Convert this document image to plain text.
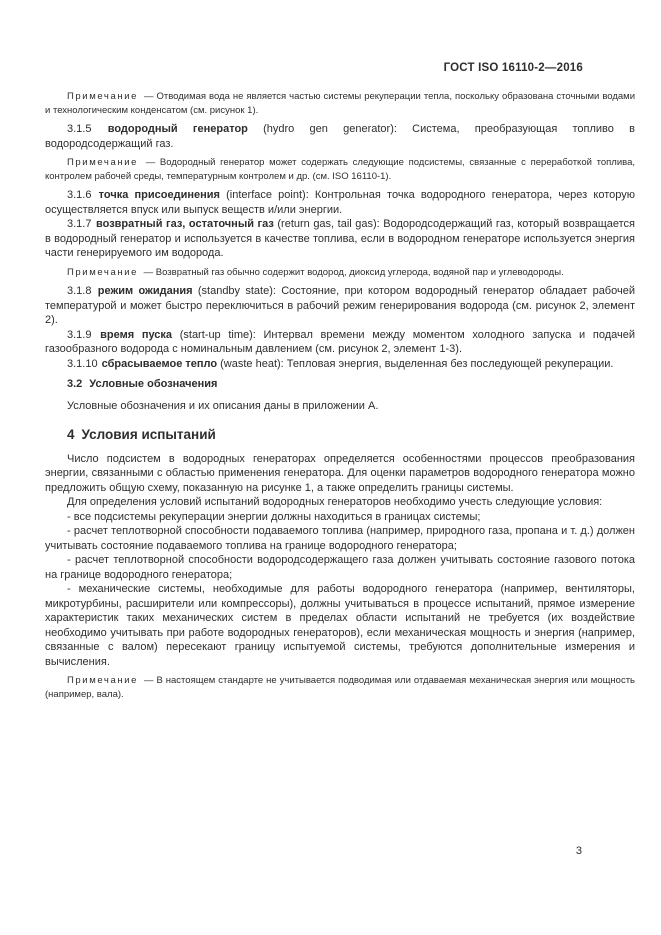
ГОСТ ISO 16110-2—2016

Примечание — Отводимая вода не является частью системы рекуперации тепла, поскольку образована сточными водами и технологическим конденсатом (см. рисунок 1).

3.1.5 водородный генератор (hydro gen generator): Система, преобразующая топливо в водородсодержащий газ.

Примечание — Водородный генератор может содержать следующие подсистемы, связанные с переработкой топлива, контролем рабочей среды, температурным контролем и др. (см. ISO 16110-1).

3.1.6 точка присоединения (interface point): Контрольная точка водородного генератора, через которую осуществляется впуск или выпуск веществ и/или энергии.

3.1.7 возвратный газ, остаточный газ (return gas, tail gas): Водородсодержащий газ, который возвращается в водородный генератор и используется в качестве топлива, если в водородном генераторе используется энергия части генерируемого им водорода.

Примечание — Возвратный газ обычно содержит водород, диоксид углерода, водяной пар и углеводороды.

3.1.8 режим ожидания (standby state): Состояние, при котором водородный генератор обладает рабочей температурой и может быстро переключиться в рабочий режим генерирования водорода (см. рисунок 2, элемент 2).

3.1.9 время пуска (start-up time): Интервал времени между моментом холодного запуска и подачей газообразного водорода с номинальным давлением (см. рисунок 2, элемент 1-3).

3.1.10 сбрасываемое тепло (waste heat): Тепловая энергия, выделенная без последующей рекуперации.

3.2 Условные обозначения

Условные обозначения и их описания даны в приложении А.

4 Условия испытаний

Число подсистем в водородных генераторах определяется особенностями процессов преобразования энергии, связанными с областью применения генератора. Для оценки параметров водородного генератора можно предложить общую схему, показанную на рисунке 1, а также определить границы системы.

Для определения условий испытаний водородных генераторов необходимо учесть следующие условия:

- все подсистемы рекуперации энергии должны находиться в границах системы;

- расчет теплотворной способности подаваемого топлива (например, природного газа, пропана и т. д.) должен учитывать состояние подаваемого топлива на границе водородного генератора;

- расчет теплотворной способности водородсодержащего газа должен учитывать состояние газового потока на границе водородного генератора;

- механические системы, необходимые для работы водородного генератора (например, вентиляторы, микротурбины, расширители или компрессоры), должны учитываться в процессе испытаний, прямое измерение характеристик таких механических систем в пределах области испытаний не требуется (их воздействие необходимо учитывать при работе водородных генераторов), если механическая мощность и энергия (например, связанные с валом) пересекают границу испытуемой системы, требуются дополнительные измерения и вычисления.

Примечание — В настоящем стандарте не учитывается подводимая или отдаваемая механическая энергия или мощность (например, вала).

3
